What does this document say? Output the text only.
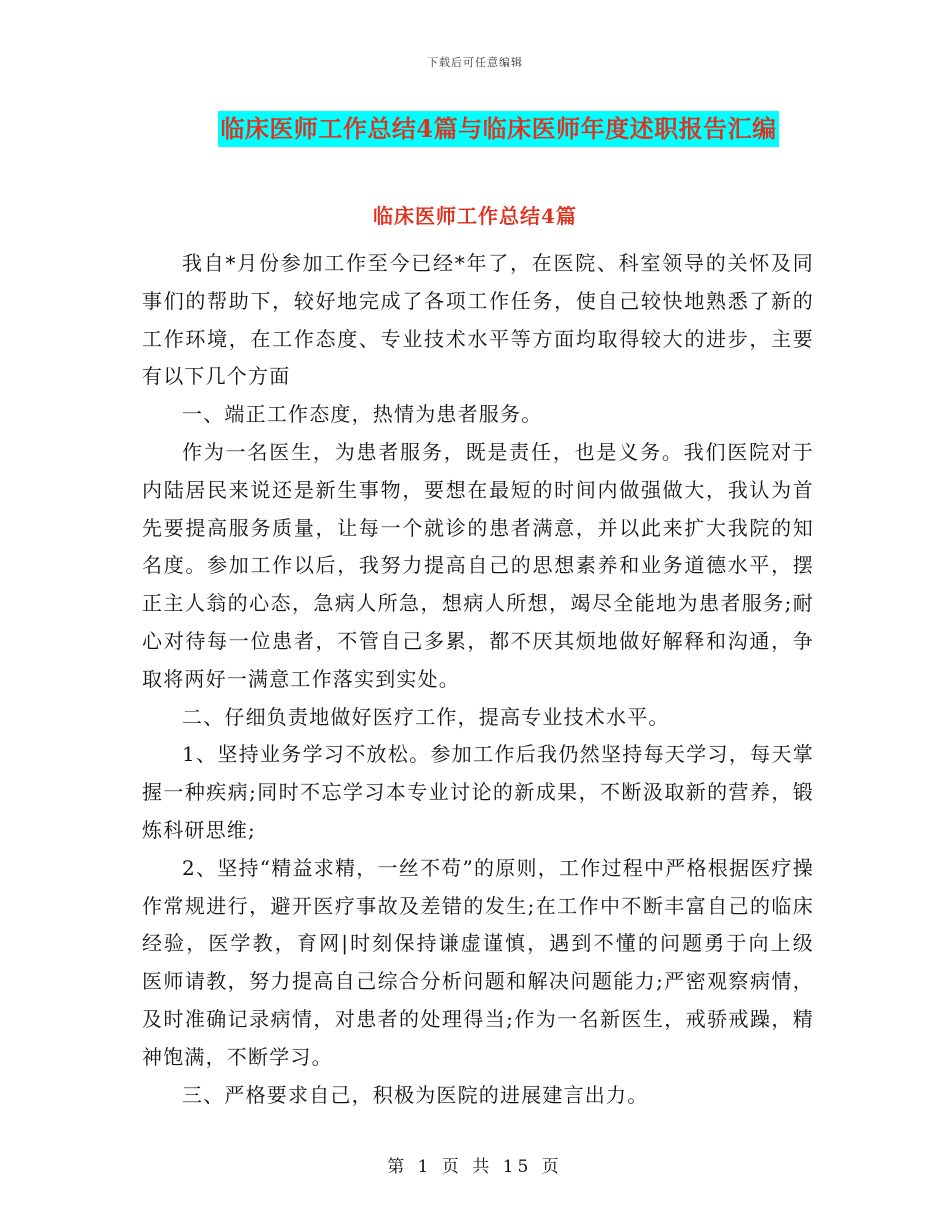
下载后可任意编辑
临床医师工作总结4篇与临床医师年度述职报告汇编
临床医师工作总结4篇

我自*月份参加工作至今已经*年了，在医院、科室领导的关怀及同事们的帮助下，较好地完成了各项工作任务，使自己较快地熟悉了新的工作环境，在工作态度、专业技术水平等方面均取得较大的进步，主要有以下几个方面

一、端正工作态度，热情为患者服务。

作为一名医生，为患者服务，既是责任，也是义务。我们医院对于内陆居民来说还是新生事物，要想在最短的时间内做强做大，我认为首先要提高服务质量，让每一个就诊的患者满意，并以此来扩大我院的知名度。参加工作以后，我努力提高自己的思想素养和业务道德水平，摆正主人翁的心态，急病人所急，想病人所想，竭尽全能地为患者服务;耐心对待每一位患者，不管自己多累，都不厌其烦地做好解释和沟通，争取将两好一满意工作落实到实处。

二、仔细负责地做好医疗工作，提高专业技术水平。

1、坚持业务学习不放松。参加工作后我仍然坚持每天学习，每天掌握一种疾病;同时不忘学习本专业讨论的新成果，不断汲取新的营养，锻炼科研思维;

2、坚持“精益求精，一丝不苟”的原则，工作过程中严格根据医疗操作常规进行，避开医疗事故及差错的发生;在工作中不断丰富自己的临床经验，医学教，育网|时刻保持谦虚谨慎，遇到不懂的问题勇于向上级 医师请教，努力提高自己综合分析问题和解决问题能力;严密观察病情，及时准确记录病情，对患者的处理得当;作为一名新医生，戒骄戒躁，精神饱满，不断学习。

三、严格要求自己，积极为医院的进展建言出力。

第 1 页 共 15 页
